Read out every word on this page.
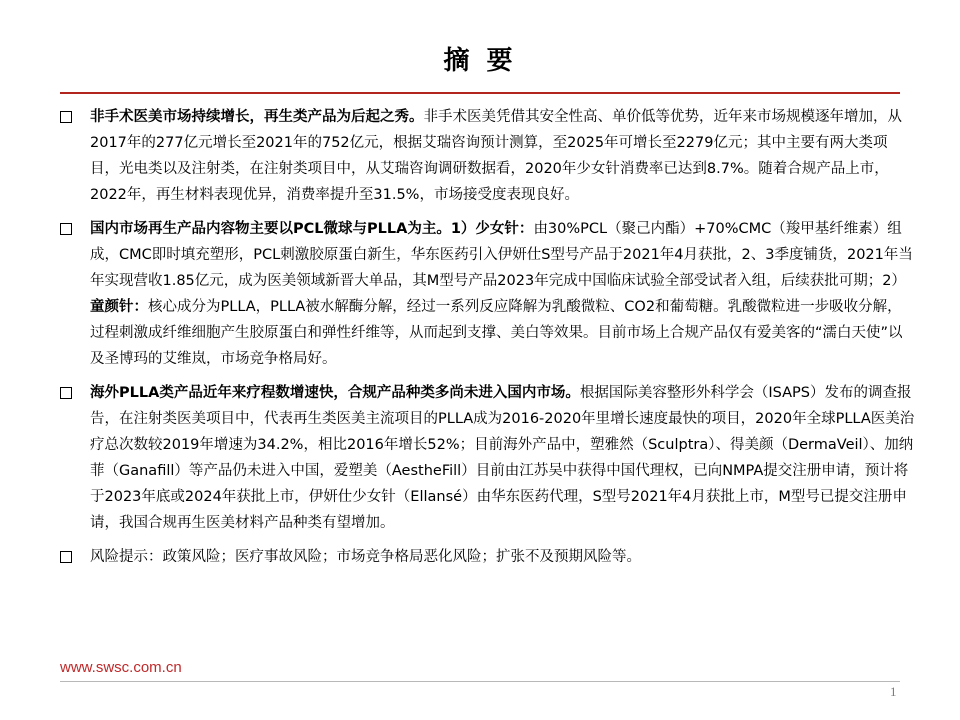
摘 要
非手术医美市场持续增长，再生类产品为后起之秀。非手术医美凭借其安全性高、单价低等优势，近年来市场规模逐年增加，从2017年的277亿元增长至2021年的752亿元，根据艾瑞咨询预计测算，至2025年可增长至2279亿元；其中主要有两大类项目，光电类以及注射类，在注射类项目中，从艾瑞咨询调研数据看，2020年少女针消费率已达到8.7%。随着合规产品上市，2022年，再生材料表现优异，消费率提升至31.5%，市场接受度表现良好。
国内市场再生产品内容物主要以PCL微球与PLLA为主。1）少女针：由30%PCL（聚己内酯）+70%CMC（羧甲基纤维素）组成，CMC即时填充塑形，PCL刺激胶原蛋白新生，华东医药引入伊妍仕S型号产品于2021年4月获批，2、3季度铺货，2021年当年实现营收1.85亿元，成为医美领域新晋大单品，其M型号产品2023年完成中国临床试验全部受试者入组，后续获批可期；2）童颜针：核心成分为PLLA，PLLA被水解酶分解，经过一系列反应降解为乳酸微粒、CO2和葡萄糖。乳酸微粒进一步吸收分解，过程刺激成纤维细胞产生胶原蛋白和弹性纤维等，从而起到支撑、美白等效果。目前市场上合规产品仅有爱美客的“濡白天使”以及圣博玛的艾维岚，市场竞争格局好。
海外PLLA类产品近年来疗程数增速快，合规产品种类多尚未进入国内市场。根据国际美容整形外科学会（ISAPS）发布的调查报告，在注射类医美项目中，代表再生类医美主流项目的PLLA成为2016-2020年里增长速度最快的项目，2020年全球PLLA医美治疗总次数较2019年增速为34.2%，相比2016年增长52%；目前海外产品中，塑雅然（Sculptra）、得美颜（DermaVeil）、加纳菲（Ganafill）等产品仍未进入中国，爱塑美（AestheFill）目前由江苏吴中获得中国代理权，已向NMPA提交注册申请，预计将于2023年底或2024年获批上市，伊妍仕少女针（Ellansé）由华东医药代理，S型号2021年4月获批上市，M型号已提交注册申请，我国合规再生医美材料产品种类有望增加。
风险提示：政策风险；医疗事故风险；市场竞争格局恶化风险；扩张不及预期风险等。
www.swsc.com.cn
1
